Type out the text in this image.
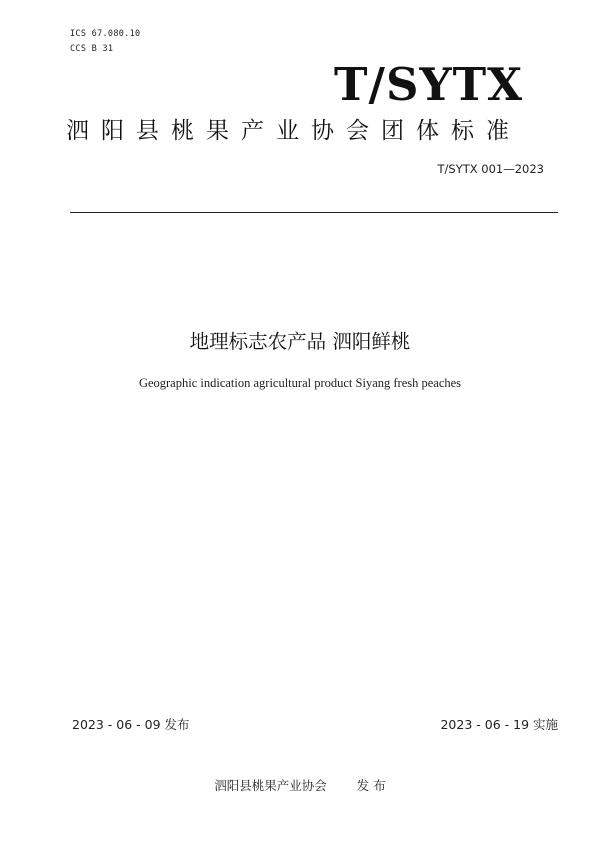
ICS 67.080.10
CCS B 31
T/SYTX
泗阳县桃果产业协会团体标准
T/SYTX 001—2023
地理标志农产品 泗阳鲜桃
Geographic indication agricultural product Siyang fresh peaches
2023 - 06 - 09 发布	2023 - 06 - 19 实施
泗阳县桃果产业协会 发 布
